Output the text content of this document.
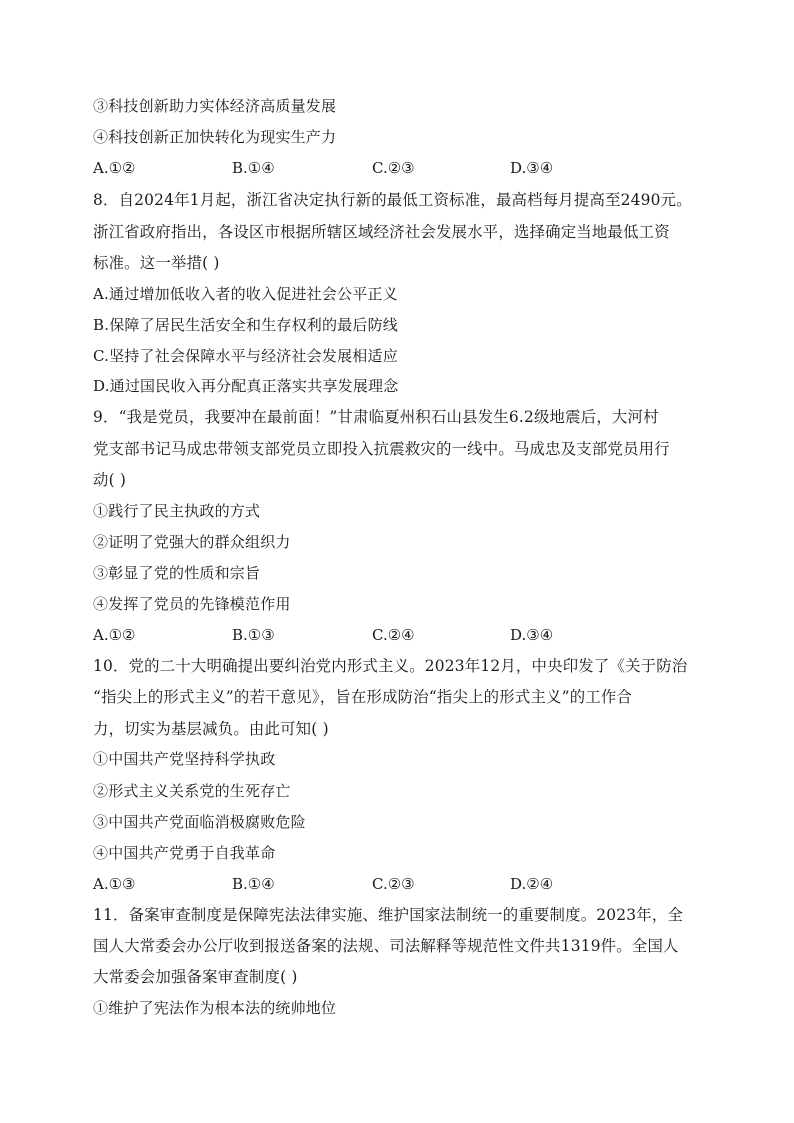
③科技创新助力实体经济高质量发展
④科技创新正加快转化为现实生产力
A.①②	B.①④	C.②③	D.③④
8．自2024年1月起，浙江省决定执行新的最低工资标准，最高档每月提高至2490元。
浙江省政府指出，各设区市根据所辖区域经济社会发展水平，选择确定当地最低工资
标准。这一举措( )
A.通过增加低收入者的收入促进社会公平正义
B.保障了居民生活安全和生存权利的最后防线
C.坚持了社会保障水平与经济社会发展相适应
D.通过国民收入再分配真正落实共享发展理念
9．“我是党员，我要冲在最前面！”甘肃临夏州积石山县发生6.2级地震后，大河村
党支部书记马成忠带领支部党员立即投入抗震救灾的一线中。马成忠及支部党员用行
动( )
①践行了民主执政的方式
②证明了党强大的群众组织力
③彰显了党的性质和宗旨
④发挥了党员的先锋模范作用
A.①②	B.①③	C.②④	D.③④
10．党的二十大明确提出要纠治党内形式主义。2023年12月，中央印发了《关于防治
“指尖上的形式主义”的若干意见》，旨在形成防治“指尖上的形式主义”的工作合
力，切实为基层减负。由此可知( )
①中国共产党坚持科学执政
②形式主义关系党的生死存亡
③中国共产党面临消极腐败危险
④中国共产党勇于自我革命
A.①③	B.①④	C.②③	D.②④
11．备案审查制度是保障宪法法律实施、维护国家法制统一的重要制度。2023年，全
国人大常委会办公厅收到报送备案的法规、司法解释等规范性文件共1319件。全国人
大常委会加强备案审查制度( )
①维护了宪法作为根本法的统帅地位
